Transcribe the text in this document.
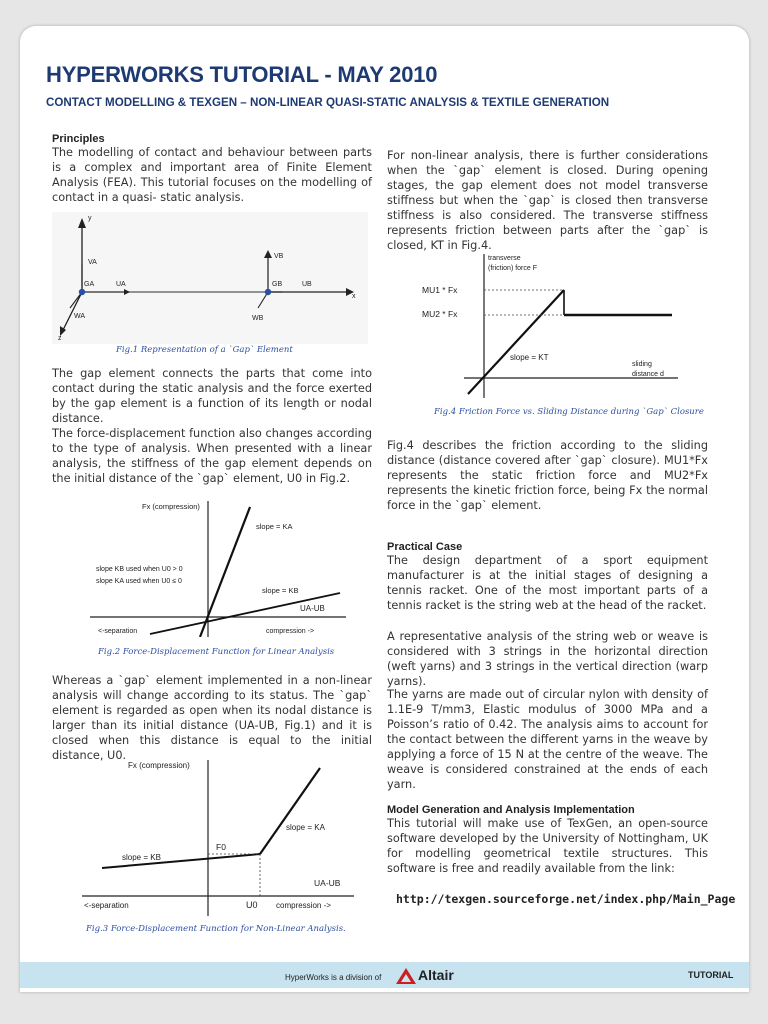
HYPERWORKS TUTORIAL - MAY 2010
CONTACT MODELLING & TEXGEN – NON-LINEAR QUASI-STATIC ANALYSIS & TEXTILE GENERATION
Principles

The modelling of contact and behaviour between parts is a complex and important area of Finite Element Analysis (FEA). This tutorial focuses on the modelling of contact in a quasi- static analysis.

The gap element connects the parts that come into contact during the static analysis and the force exerted by the gap element is a function of its length or nodal distance.

The force-displacement function also changes according to the type of analysis. When presented with a linear analysis, the stiffness of the gap element depends on the initial distance of the `gap` element, U0 in Fig.2.

Whereas a `gap` element implemented in a non-linear analysis will change according to its status. The `gap` element is regarded as open when its nodal distance is larger than its initial distance (UA-UB, Fig.1) and it is closed when this distance is equal to the initial distance, U0.

For non-linear analysis, there is further considerations when the `gap` element is closed. During opening stages, the gap element does not model transverse stiffness but when the `gap` is closed then transverse stiffness is also considered. The transverse stiffness represents friction between parts after the `gap` is closed, KT in Fig.4.

Fig.4 describes the friction according to the sliding distance (distance covered after `gap` closure). MU1*Fx represents the static friction force and MU2*Fx represents the kinetic friction force, being Fx the normal force in the `gap` element.

Practical Case

The design department of a sport equipment manufacturer is at the initial stages of designing a tennis racket. One of the most important parts of a tennis racket is the string web at the head of the racket.

A representative analysis of the string web or weave is considered with 3 strings in the horizontal direction (weft yarns) and 3 strings in the vertical direction (warp yarns).

The yarns are made out of circular nylon with density of 1.1E-9 T/mm3, Elastic modulus of 3000 MPa and a Poisson’s ratio of 0.42. The analysis aims to account for the contact between the different yarns in the weave by applying a force of 15 N at the centre of the weave. The weave is considered constrained at the ends of each yarn.

Model Generation and Analysis Implementation

This tutorial will make use of TexGen, an open-source software developed by the University of Nottingham, UK for modelling geometrical textile structures. This software is free and readily available from the link:

http://texgen.sourceforge.net/index.php/Main_Page
y
VA
UA
GA
WA
z
VB
UB
GB
WB
x
Fig.1 Representation of a `Gap` Element
Fx (compression)
slope = KA
slope KB used when U0 > 0
slope KA used when U0 ≤ 0
slope = KB
UA-UB
<-separation	compression ->
Fig.2 Force-Displacement Function for Linear Analysis
Fx (compression)
slope = KA
F0
slope = KB
UA-UB
<-separation	U0 compression ->
Fig.3 Force-Displacement Function for Non-Linear Analysis.
transverse
(friction) force F
MU1 * Fx
MU2 * Fx
slope = KT
sliding
distance d
Fig.4 Friction Force vs. Sliding Distance during `Gap` Closure
HyperWorks is a division of	Altair	TUTORIAL
